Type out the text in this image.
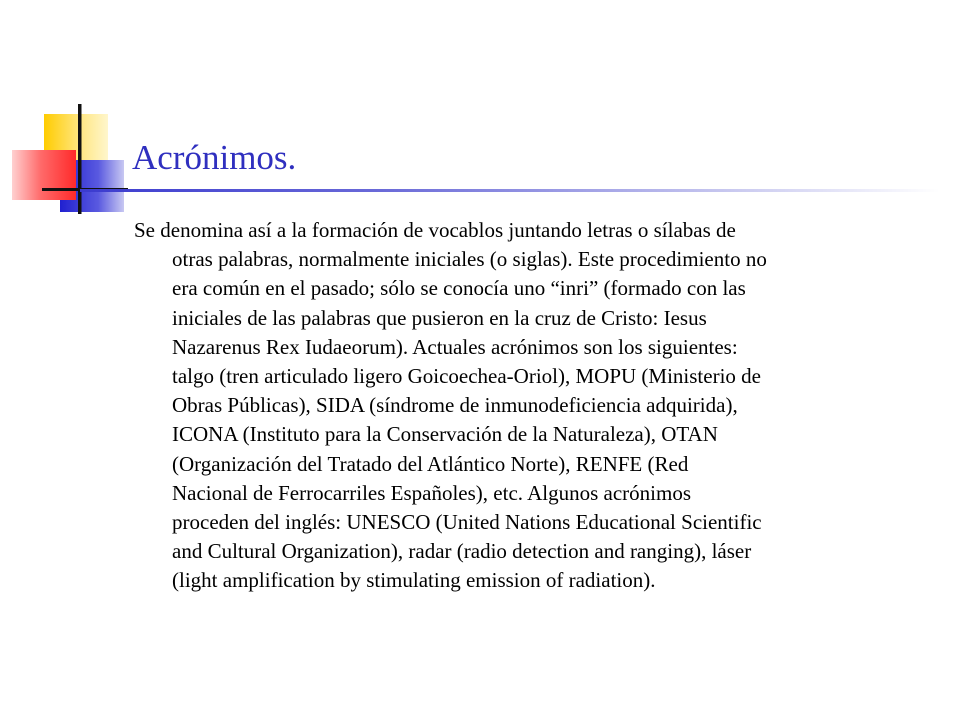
Acrónimos.
Se denomina así a la formación de vocablos juntando letras o sílabas de
otras palabras, normalmente iniciales (o siglas). Este procedimiento no
era común en el pasado; sólo se conocía uno “inri” (formado con las
iniciales de las palabras que pusieron en la cruz de Cristo: Iesus
Nazarenus Rex Iudaeorum). Actuales acrónimos son los siguientes:
talgo (tren articulado ligero Goicoechea-Oriol), MOPU (Ministerio de
Obras Públicas), SIDA (síndrome de inmunodeficiencia adquirida),
ICONA (Instituto para la Conservación de la Naturaleza), OTAN
(Organización del Tratado del Atlántico Norte), RENFE (Red
Nacional de Ferrocarriles Españoles), etc. Algunos acrónimos
proceden del inglés: UNESCO (United Nations Educational Scientific
and Cultural Organization), radar (radio detection and ranging), láser
(light amplification by stimulating emission of radiation).
